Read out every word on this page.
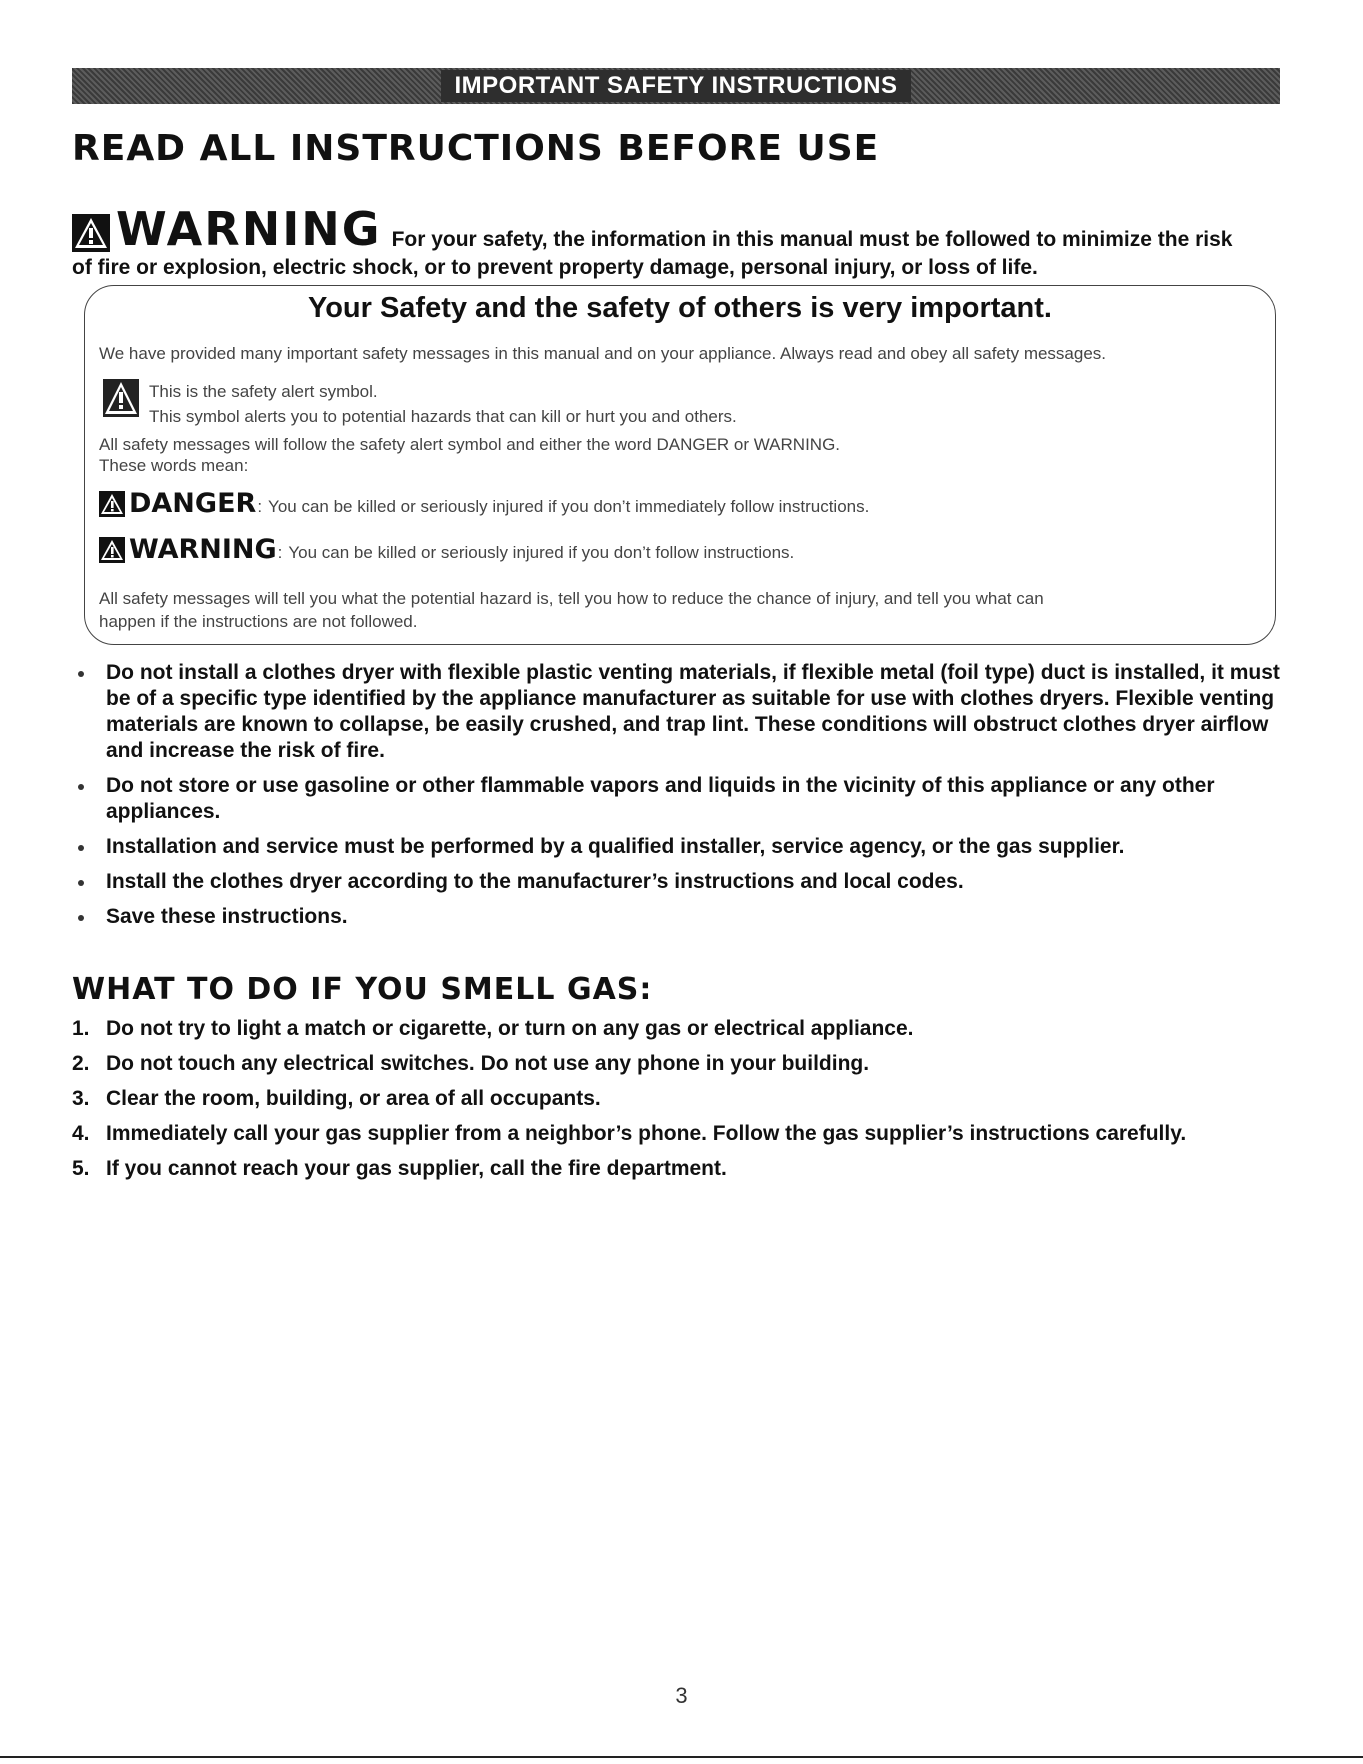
IMPORTANT SAFETY INSTRUCTIONS
READ ALL INSTRUCTIONS BEFORE USE
WARNING For your safety, the information in this manual must be followed to minimize the risk
of fire or explosion, electric shock, or to prevent property damage, personal injury, or loss of life.
Your Safety and the safety of others is very important.
We have provided many important safety messages in this manual and on your appliance. Always read and obey all safety messages.
This is the safety alert symbol.
This symbol alerts you to potential hazards that can kill or hurt you and others.
All safety messages will follow the safety alert symbol and either the word DANGER or WARNING.
These words mean:
DANGER : You can be killed or seriously injured if you don’t immediately follow instructions.
WARNING : You can be killed or seriously injured if you don’t follow instructions.
All safety messages will tell you what the potential hazard is, tell you how to reduce the chance of injury, and tell you what can
happen if the instructions are not followed.
Do not install a clothes dryer with flexible plastic venting materials, if flexible metal (foil type) duct is installed, it must be of a specific type identified by the appliance manufacturer as suitable for use with clothes dryers. Flexible venting materials are known to collapse, be easily crushed, and trap lint. These conditions will obstruct clothes dryer airflow and increase the risk of fire.
Do not store or use gasoline or other flammable vapors and liquids in the vicinity of this appliance or any other appliances.
Installation and service must be performed by a qualified installer, service agency, or the gas supplier.
Install the clothes dryer according to the manufacturer’s instructions and local codes.
Save these instructions.
WHAT TO DO IF YOU SMELL GAS:
1. Do not try to light a match or cigarette, or turn on any gas or electrical appliance.
2. Do not touch any electrical switches. Do not use any phone in your building.
3. Clear the room, building, or area of all occupants.
4. Immediately call your gas supplier from a neighbor’s phone. Follow the gas supplier’s instructions carefully.
5. If you cannot reach your gas supplier, call the fire department.
3
